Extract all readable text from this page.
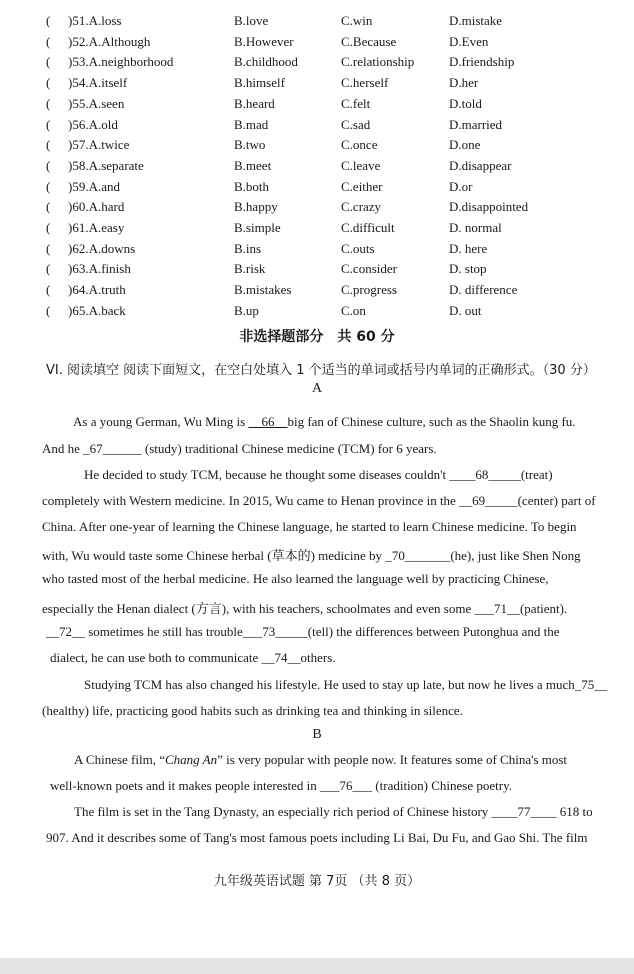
( )51.A.loss	B.love	C.win	D.mistake
( )52.A.Although	B.However	C.Because	D.Even
( )53.A.neighborhood	B.childhood	C.relationship	D.friendship
( )54.A.itself	B.himself	C.herself	D.her
( )55.A.seen	B.heard	C.felt	D.told
( )56.A.old	B.mad	C.sad	D.married
( )57.A.twice	B.two	C.once	D.one
( )58.A.separate	B.meet	C.leave	D.disappear
( )59.A.and	B.both	C.either	D.or
( )60.A.hard	B.happy	C.crazy	D.disappointed
( )61.A.easy	B.simple	C.difficult	D. normal
( )62.A.downs	B.ins	C.outs	D. here
( )63.A.finish	B.risk	C.consider	D. stop
( )64.A.truth	B.mistakes	C.progress	D. difference
( )65.A.back	B.up	C.on	D. out
非选择题部分　共 60 分
VI. 阅读填空 阅读下面短文，在空白处填入 1 个适当的单词或括号内单词的正确形式。（30 分）
A
As a young German, Wu Ming is __66__big fan of Chinese culture, such as the Shaolin kung fu.
And he _67______ (study) traditional Chinese medicine (TCM) for 6 years.
He decided to study TCM, because he thought some diseases couldn't ____68_____(treat)
completely with Western medicine. In 2015, Wu came to Henan province in the __69_____(center) part of
China. After one-year of learning the Chinese language, he started to learn Chinese medicine. To begin
with, Wu would taste some Chinese herbal (草本的) medicine by _70_______(he), just like Shen Nong
who tasted most of the herbal medicine. He also learned the language well by practicing Chinese,
especially the Henan dialect (方言), with his teachers, schoolmates and even some ___71__(patient).
__72__ sometimes he still has trouble___73_____(tell) the differences between Putonghua and the
dialect, he can use both to communicate __74__others.
Studying TCM has also changed his lifestyle. He used to stay up late, but now he lives a much_75__
(healthy) life, practicing good habits such as drinking tea and thinking in silence.
B
A Chinese film, “Chang An” is very popular with people now. It features some of China's most
well-known poets and it makes people interested in ___76___ (tradition) Chinese poetry.
The film is set in the Tang Dynasty, an especially rich period of Chinese history ____77____ 618 to
907. And it describes some of Tang's most famous poets including Li Bai, Du Fu, and Gao Shi. The film
九年级英语试题 第 7页 （共 8 页）
